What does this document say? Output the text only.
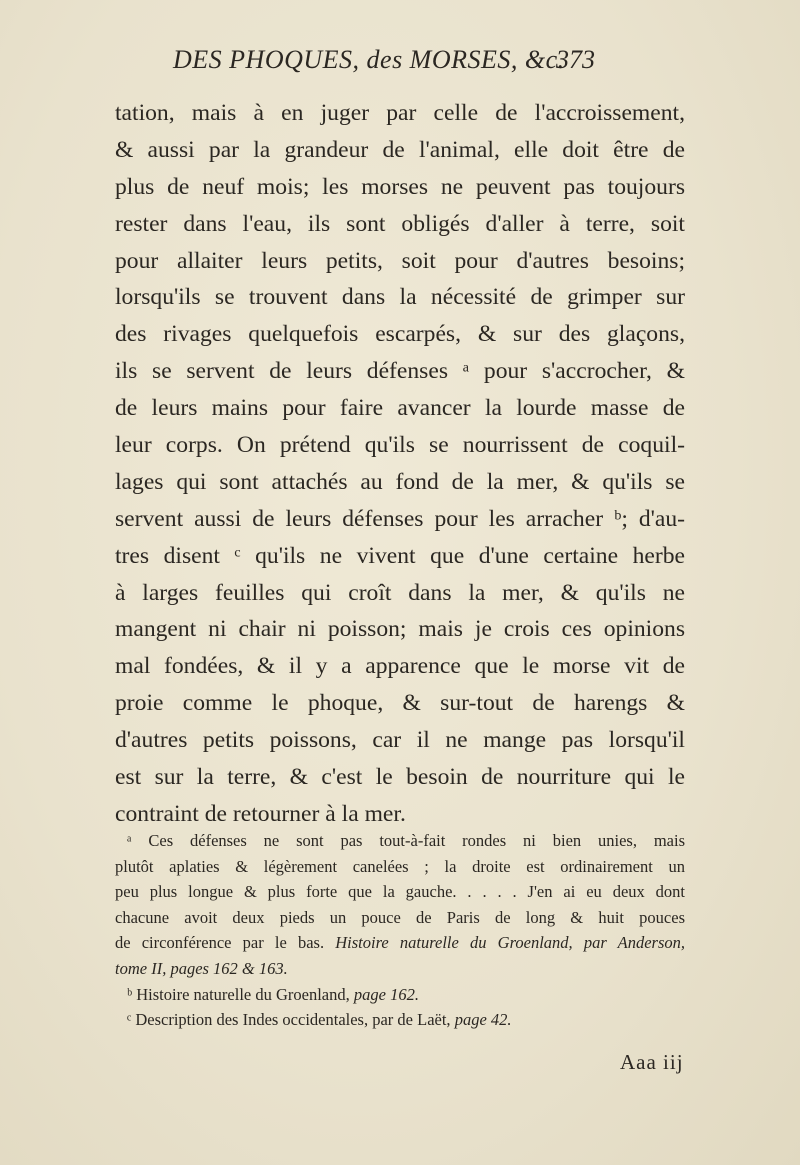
DES PHOQUES, des MORSES, &c.
373
tation, mais à en juger par celle de l'accroissement,
& aussi par la grandeur de l'animal, elle doit être de
plus de neuf mois; les morses ne peuvent pas toujours
rester dans l'eau, ils sont obligés d'aller à terre, soit
pour allaiter leurs petits, soit pour d'autres besoins;
lorsqu'ils se trouvent dans la nécessité de grimper sur
des rivages quelquefois escarpés, & sur des glaçons,
ils se servent de leurs défenses ᵃ pour s'accrocher, &
de leurs mains pour faire avancer la lourde masse de
leur corps. On prétend qu'ils se nourrissent de coquil-
lages qui sont attachés au fond de la mer, & qu'ils se
servent aussi de leurs défenses pour les arracher ᵇ; d'au-
tres disent ᶜ qu'ils ne vivent que d'une certaine herbe
à larges feuilles qui croît dans la mer, & qu'ils ne
mangent ni chair ni poisson; mais je crois ces opinions
mal fondées, & il y a apparence que le morse vit de
proie comme le phoque, & sur-tout de harengs &
d'autres petits poissons, car il ne mange pas lorsqu'il
est sur la terre, & c'est le besoin de nourriture qui le
contraint de retourner à la mer.
ᵃ Ces défenses ne sont pas tout-à-fait rondes ni bien unies, mais
plutôt aplaties & légèrement canelées ; la droite est ordinairement un
peu plus longue & plus forte que la gauche. . . . . J'en ai eu deux dont
chacune avoit deux pieds un pouce de Paris de long & huit pouces
de circonférence par le bas. Histoire naturelle du Groenland, par Anderson,
tome II, pages 162 & 163.
ᵇ Histoire naturelle du Groenland, page 162.
ᶜ Description des Indes occidentales, par de Laët, page 42.
Aaa iij
